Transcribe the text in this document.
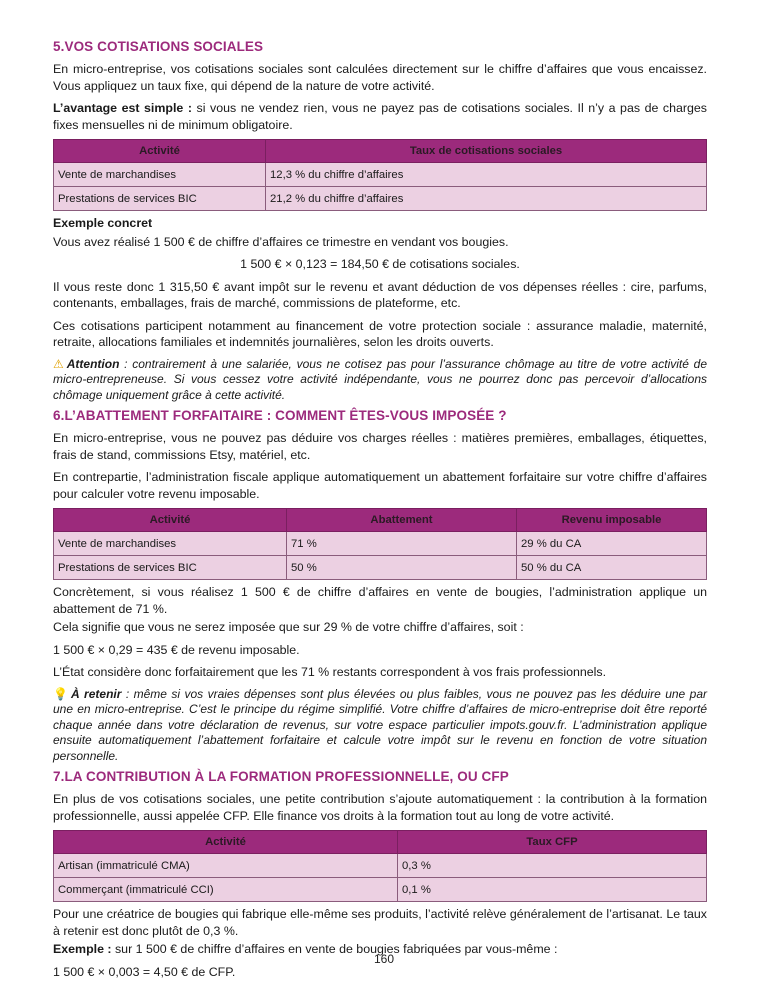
5.VOS COTISATIONS SOCIALES

En micro-entreprise, vos cotisations sociales sont calculées directement sur le chiffre d’affaires que vous encaissez. Vous appliquez un taux fixe, qui dépend de la nature de votre activité.

L’avantage est simple : si vous ne vendez rien, vous ne payez pas de cotisations sociales. Il n’y a pas de charges fixes mensuelles ni de minimum obligatoire.

Activité	Taux de cotisations sociales
Vente de marchandises	12,3 % du chiffre d’affaires
Prestations de services BIC	21,2 % du chiffre d’affaires

Exemple concret

Vous avez réalisé 1 500 € de chiffre d’affaires ce trimestre en vendant vos bougies.

1 500 € × 0,123 = 184,50 € de cotisations sociales.

Il vous reste donc 1 315,50 € avant impôt sur le revenu et avant déduction de vos dépenses réelles : cire, parfums, contenants, emballages, frais de marché, commissions de plateforme, etc.

Ces cotisations participent notamment au financement de votre protection sociale : assurance maladie, maternité, retraite, allocations familiales et indemnités journalières, selon les droits ouverts.

⚠ Attention : contrairement à une salariée, vous ne cotisez pas pour l’assurance chômage au titre de votre activité de micro-entrepreneuse. Si vous cessez votre activité indépendante, vous ne pourrez donc pas percevoir d’allocations chômage uniquement grâce à cette activité.

6.L’ABATTEMENT FORFAITAIRE : COMMENT ÊTES-VOUS IMPOSÉE ?

En micro-entreprise, vous ne pouvez pas déduire vos charges réelles : matières premières, emballages, étiquettes, frais de stand, commissions Etsy, matériel, etc.

En contrepartie, l’administration fiscale applique automatiquement un abattement forfaitaire sur votre chiffre d’affaires pour calculer votre revenu imposable.

Activité	Abattement	Revenu imposable
Vente de marchandises	71 %	29 % du CA
Prestations de services BIC	50 %	50 % du CA

Concrètement, si vous réalisez 1 500 € de chiffre d’affaires en vente de bougies, l’administration applique un abattement de 71 %.

Cela signifie que vous ne serez imposée que sur 29 % de votre chiffre d’affaires, soit :

1 500 € × 0,29 = 435 € de revenu imposable.

L’État considère donc forfaitairement que les 71 % restants correspondent à vos frais professionnels.

💡 À retenir : même si vos vraies dépenses sont plus élevées ou plus faibles, vous ne pouvez pas les déduire une par une en micro-entreprise. C’est le principe du régime simplifié. Votre chiffre d’affaires de micro-entreprise doit être reporté chaque année dans votre déclaration de revenus, sur votre espace particulier impots.gouv.fr. L’administration applique ensuite automatiquement l’abattement forfaitaire et calcule votre impôt sur le revenu en fonction de votre situation personnelle.

7.LA CONTRIBUTION À LA FORMATION PROFESSIONNELLE, OU CFP

En plus de vos cotisations sociales, une petite contribution s’ajoute automatiquement : la contribution à la formation professionnelle, aussi appelée CFP. Elle finance vos droits à la formation tout au long de votre activité.

Activité	Taux CFP
Artisan (immatriculé CMA)	0,3 %
Commerçant (immatriculé CCI)	0,1 %

Pour une créatrice de bougies qui fabrique elle-même ses produits, l’activité relève généralement de l’artisanat. Le taux à retenir est donc plutôt de 0,3 %.

Exemple : sur 1 500 € de chiffre d’affaires en vente de bougies fabriquées par vous-même :

1 500 € × 0,003 = 4,50 € de CFP.

160
